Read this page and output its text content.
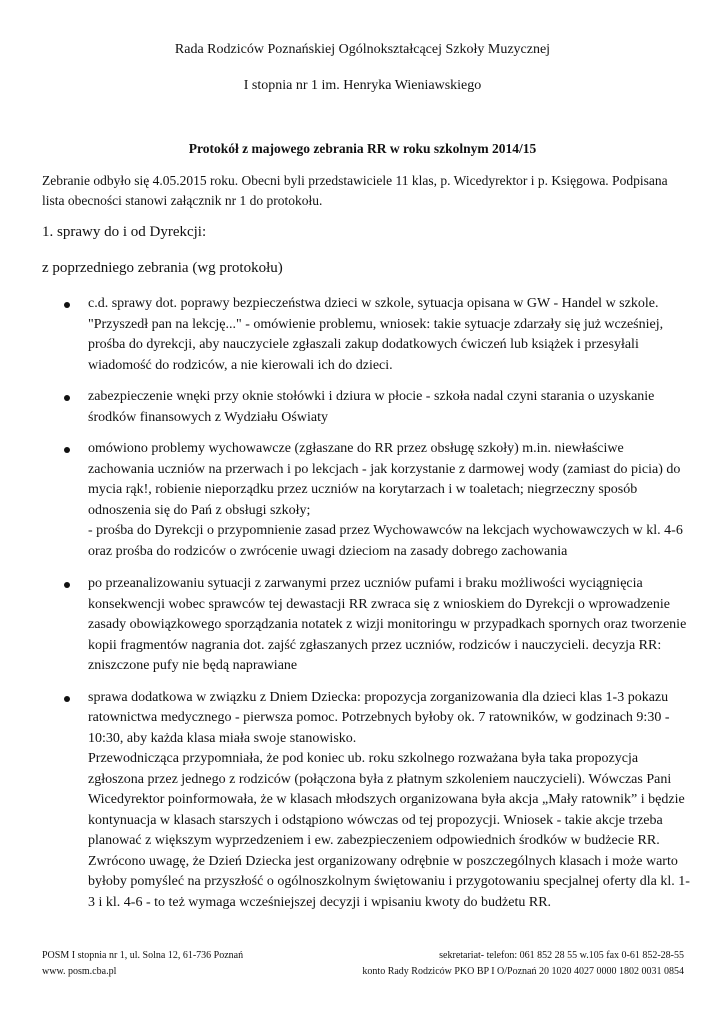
Rada Rodziców Poznańskiej Ogólnokształcącej Szkoły Muzycznej
I stopnia nr 1 im. Henryka Wieniawskiego
Protokół z majowego zebrania RR w roku szkolnym 2014/15
Zebranie odbyło się 4.05.2015 roku. Obecni byli przedstawiciele 11 klas, p. Wicedyrektor i p. Księgowa. Podpisana lista obecności stanowi załącznik nr 1 do protokołu.
1. sprawy do i od Dyrekcji:
z poprzedniego zebrania (wg protokołu)
c.d. sprawy dot. poprawy bezpieczeństwa dzieci w szkole, sytuacja opisana w GW - Handel w szkole. "Przyszedł pan na lekcję..." - omówienie problemu, wniosek: takie sytuacje zdarzały się już wcześniej, prośba do dyrekcji, aby nauczyciele zgłaszali zakup dodatkowych ćwiczeń lub książek i przesyłali wiadomość do rodziców, a nie kierowali ich do dzieci.
zabezpieczenie wnęki przy oknie stołówki i dziura w płocie - szkoła nadal czyni starania o uzyskanie środków finansowych z Wydziału Oświaty
omówiono problemy wychowawcze (zgłaszane do RR przez obsługę szkoły) m.in. niewłaściwe zachowania uczniów na przerwach i po lekcjach - jak korzystanie z darmowej wody (zamiast do picia) do mycia rąk!, robienie nieporządku przez uczniów na korytarzach i w toaletach; niegrzeczny sposób odnoszenia się do Pań z obsługi szkoły;
- prośba do Dyrekcji o przypomnienie zasad przez Wychowawców na lekcjach wychowawczych w kl. 4-6 oraz prośba do rodziców o zwrócenie uwagi dzieciom na zasady dobrego zachowania
po przeanalizowaniu sytuacji z zarwanymi przez uczniów pufami i braku możliwości wyciągnięcia konsekwencji wobec sprawców tej dewastacji RR zwraca się z wnioskiem do Dyrekcji o wprowadzenie zasady obowiązkowego sporządzania notatek z wizji monitoringu w przypadkach spornych oraz tworzenie kopii fragmentów nagrania dot. zajść zgłaszanych przez uczniów, rodziców i nauczycieli. decyzja RR: zniszczone pufy nie będą naprawiane
sprawa dodatkowa w związku z Dniem Dziecka: propozycja zorganizowania dla dzieci klas 1-3 pokazu ratownictwa medycznego - pierwsza pomoc. Potrzebnych byłoby ok. 7 ratowników, w godzinach 9:30 - 10:30, aby każda klasa miała swoje stanowisko.
Przewodnicząca przypomniała, że pod koniec ub. roku szkolnego rozważana była taka propozycja zgłoszona przez jednego z rodziców (połączona była z płatnym szkoleniem nauczycieli). Wówczas Pani Wicedyrektor poinformowała, że w klasach młodszych organizowana była akcja „Mały ratownik” i będzie kontynuacja w klasach starszych i odstąpiono wówczas od tej propozycji. Wniosek - takie akcje trzeba planować z większym wyprzedzeniem i ew. zabezpieczeniem odpowiednich środków w budżecie RR.
Zwrócono uwagę, że Dzień Dziecka jest organizowany odrębnie w poszczególnych klasach i może warto byłoby pomyśleć na przyszłość o ogólnoszkolnym świętowaniu i przygotowaniu specjalnej oferty dla kl. 1-3 i kl. 4-6 - to też wymaga wcześniejszej decyzji i wpisaniu kwoty do budżetu RR.
POSM I stopnia nr 1, ul. Solna 12, 61-736 Poznań	sekretariat- telefon: 061 852 28 55 w.105 fax 0-61 852-28-55
www. posm.cba.pl	konto Rady Rodziców PKO BP I O/Poznań 20 1020 4027 0000 1802 0031 0854
